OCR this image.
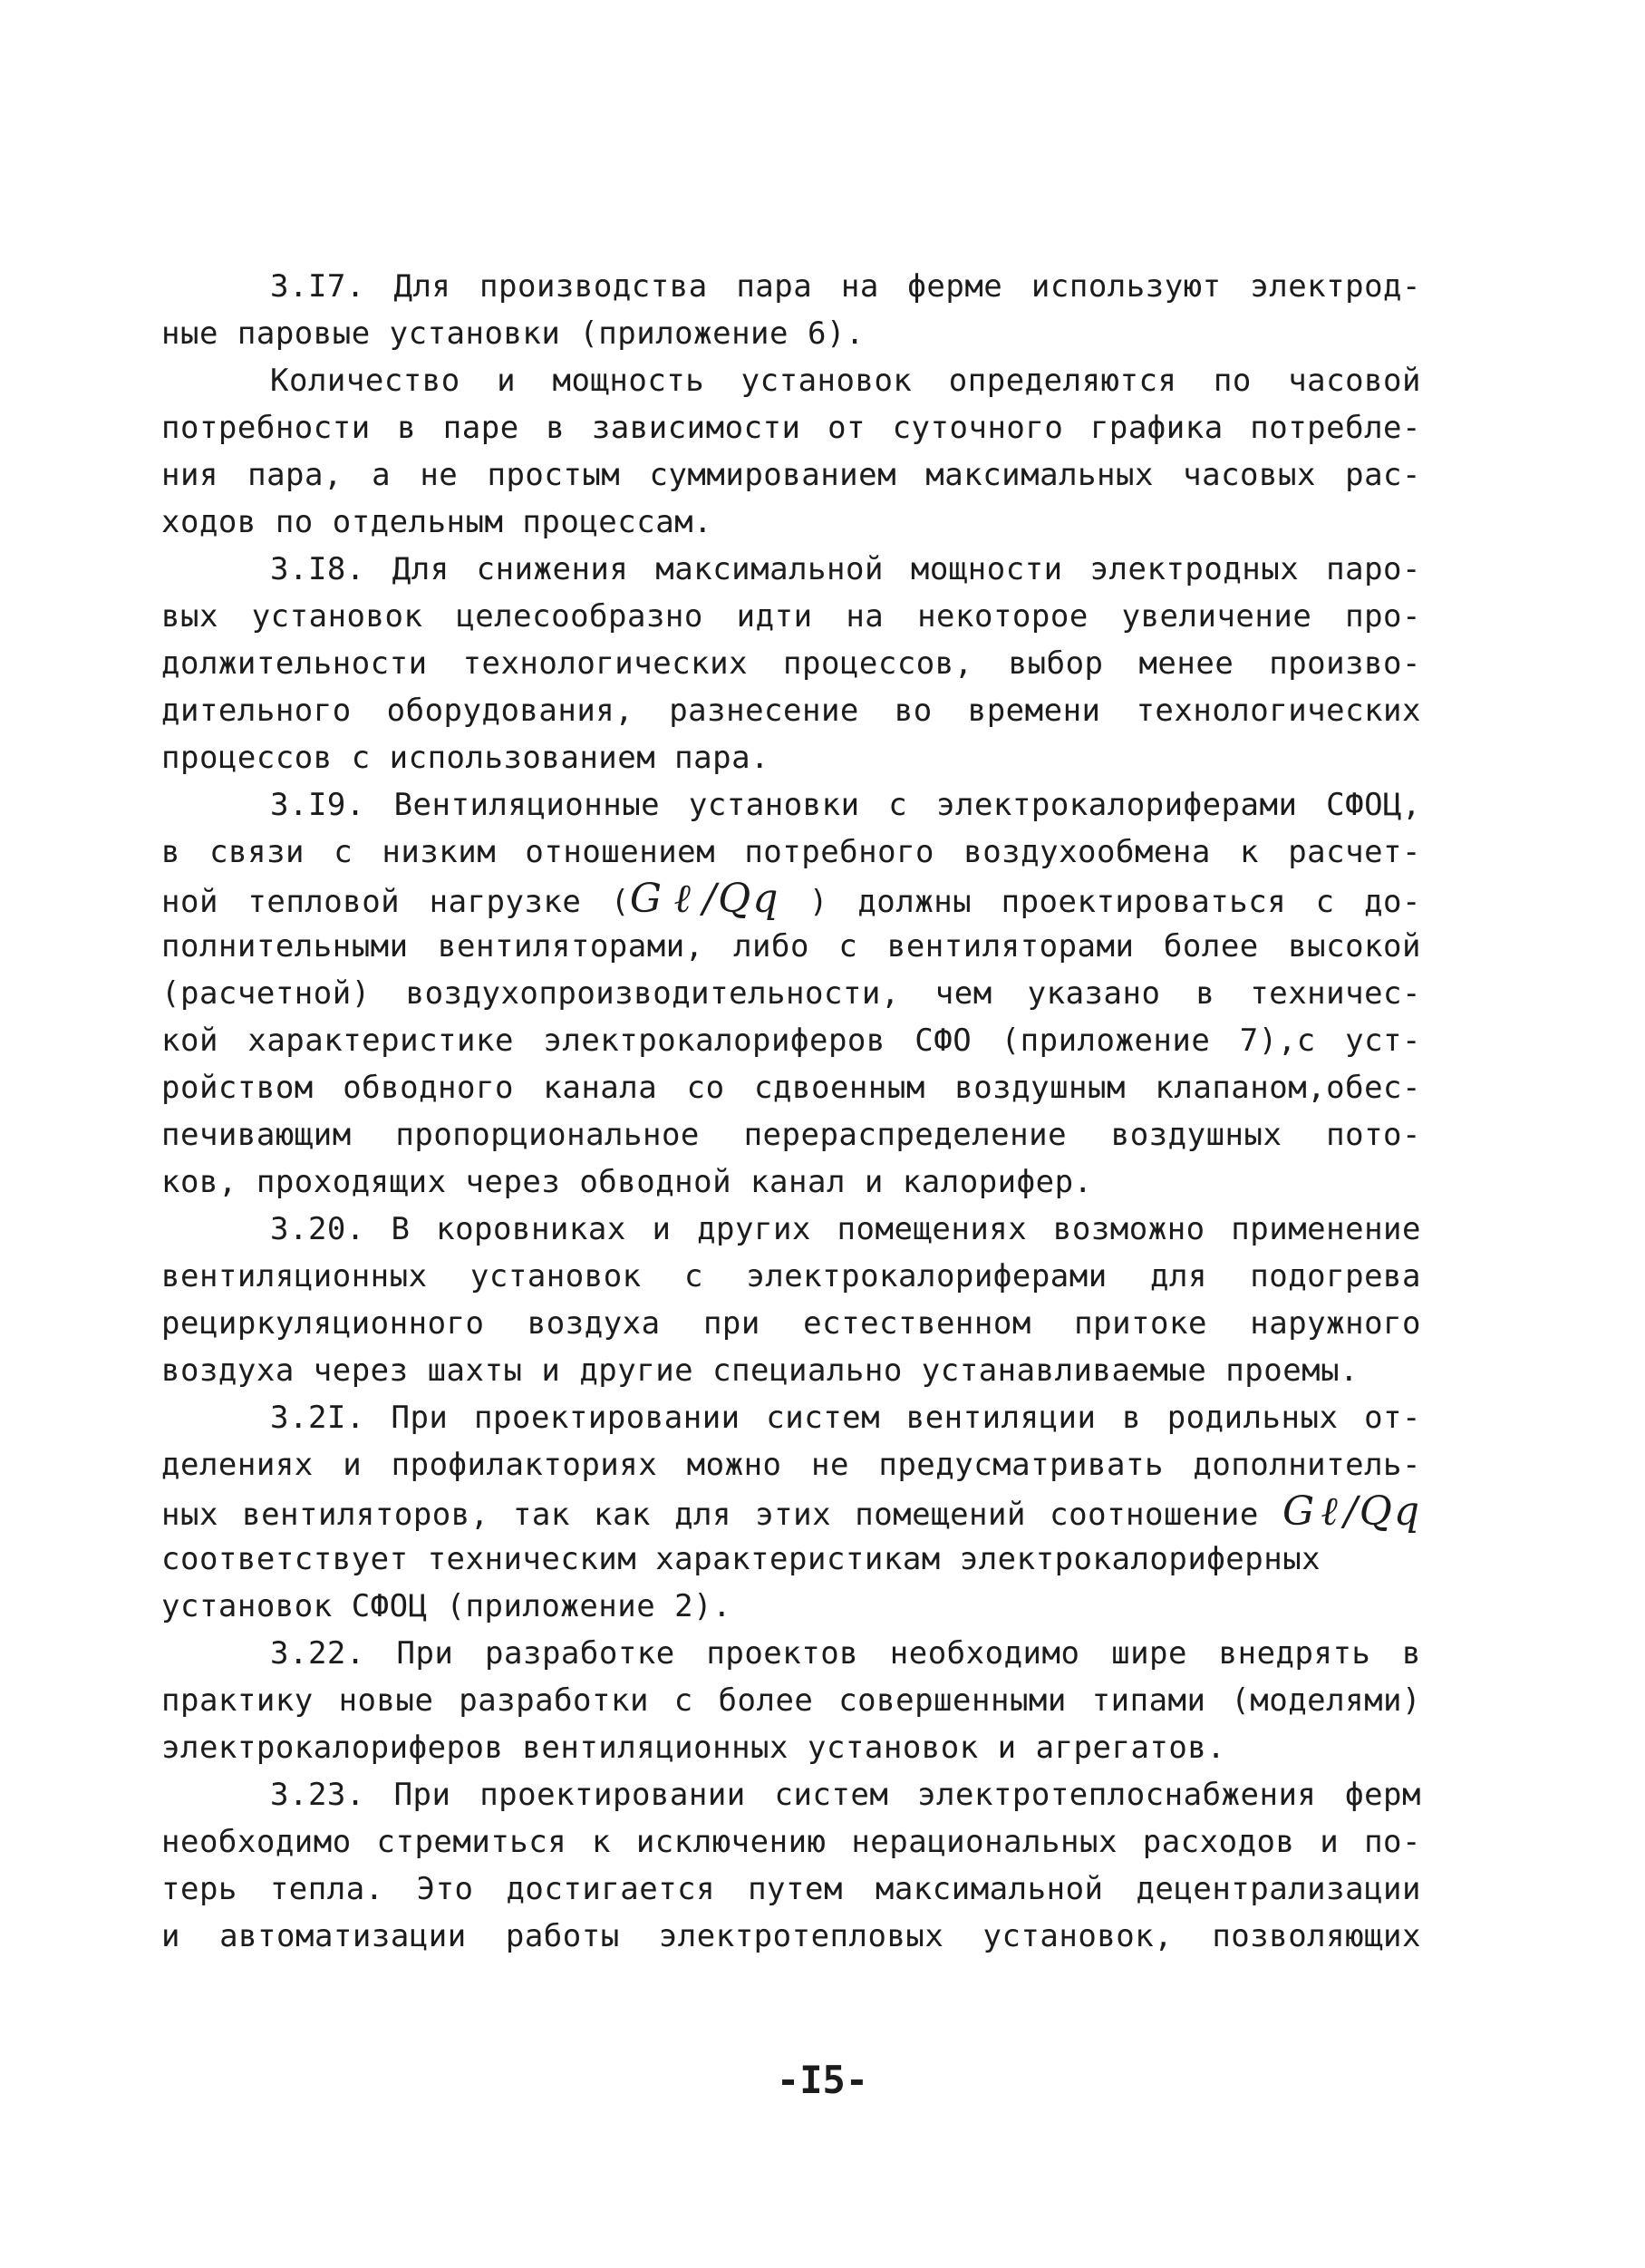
3.I7. Для производства пара на ферме используют электрод-
ные паровые установки (приложение 6).
Количество и мощность установок определяются по часовой
потребности в паре в зависимости от суточного графика потребле-
ния пара, а не простым суммированием максимальных часовых рас-
ходов по отдельным процессам.
3.I8. Для снижения максимальной мощности электродных паро-
вых установок целесообразно идти на некоторое увеличение про-
должительности технологических процессов, выбор менее произво-
дительного оборудования, разнесение во времени технологических
процессов с использованием пара.
3.I9. Вентиляционные установки с электрокалориферами СФОЦ,
в связи с низким отношением потребного воздухообмена к расчет-
ной тепловой нагрузке (Gℓ/Qq ) должны проектироваться с до-
полнительными вентиляторами, либо с вентиляторами более высокой
(расчетной) воздухопроизводительности, чем указано в техничес-
кой характеристике электрокалориферов СФО (приложение 7),с уст-
ройством обводного канала со сдвоенным воздушным клапаном,обес-
печивающим пропорциональное перераспределение воздушных пото-
ков, проходящих через обводной канал и калорифер.
3.20. В коровниках и других помещениях возможно применение
вентиляционных установок с электрокалориферами для подогрева
рециркуляционного воздуха при естественном притоке наружного
воздуха через шахты и другие специально устанавливаемые проемы.
3.2I. При проектировании систем вентиляции в родильных от-
делениях и профилакториях можно не предусматривать дополнитель-
ных вентиляторов, так как для этих помещений соотношение Gℓ/Qq
соответствует техническим характеристикам электрокалориферных
установок СФОЦ (приложение 2).
3.22. При разработке проектов необходимо шире внедрять в
практику новые разработки с более совершенными типами (моделями)
электрокалориферов вентиляционных установок и агрегатов.
3.23. При проектировании систем электротеплоснабжения ферм
необходимо стремиться к исключению нерациональных расходов и по-
терь тепла. Это достигается путем максимальной децентрализации
и автоматизации работы электротепловых установок, позволяющих
-I5-
